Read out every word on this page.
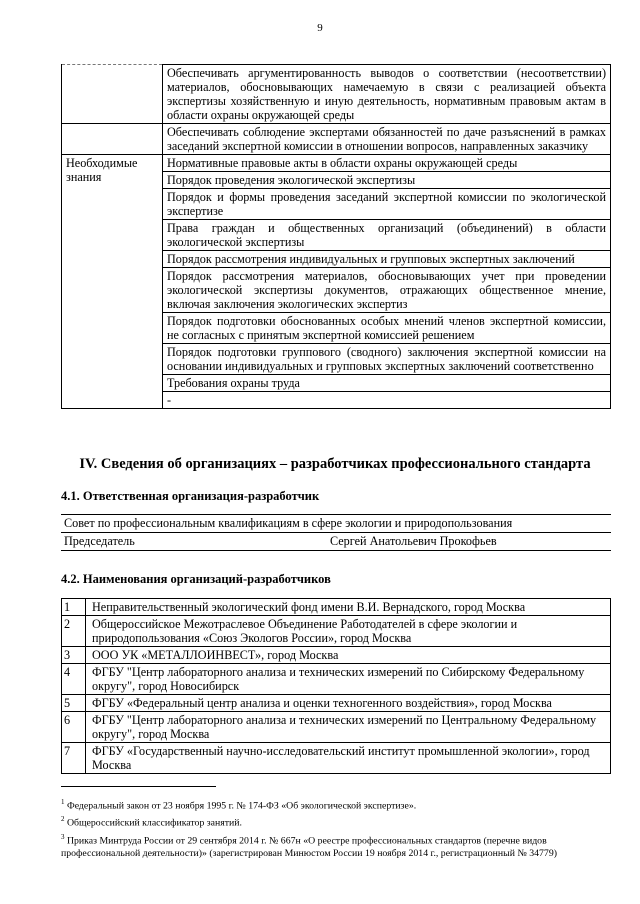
9
	Обеспечивать аргументированность выводов о соответствии (несоответствии) материалов, обосновывающих намечаемую в связи с реализацией объекта экспертизы хозяйственную и иную деятельность, нормативным правовым актам в области охраны окружающей среды
	Обеспечивать соблюдение экспертами обязанностей по даче разъяснений в рамках заседаний экспертной комиссии в отношении вопросов, направленных заказчику
Необходимые знания	Нормативные правовые акты в области охраны окружающей среды
	Порядок проведения экологической экспертизы
	Порядок и формы проведения заседаний экспертной комиссии по экологической экспертизе
	Права граждан и общественных организаций (объединений) в области экологической экспертизы
	Порядок рассмотрения индивидуальных и групповых экспертных заключений
	Порядок рассмотрения материалов, обосновывающих учет при проведении экологической экспертизы документов, отражающих общественное мнение, включая заключения экологических экспертиз
	Порядок подготовки обоснованных особых мнений членов экспертной комиссии, не согласных с принятым экспертной комиссией решением
	Порядок подготовки группового (сводного) заключения экспертной комиссии на основании индивидуальных и групповых экспертных заключений соответственно
	Требования охраны труда
	-
IV. Сведения об организациях – разработчиках профессионального стандарта
4.1. Ответственная организация-разработчик
Совет по профессиональным квалификациям в сфере экологии и природопользования
Председатель	Сергей Анатольевич Прокофьев
4.2. Наименования организаций-разработчиков
1	Неправительственный экологический фонд имени В.И. Вернадского, город Москва
2	Общероссийское Межотраслевое Объединение Работодателей в сфере экологии и природопользования «Союз Экологов России», город Москва
3	ООО УК «МЕТАЛЛОИНВЕСТ», город Москва
4	ФГБУ "Центр лабораторного анализа и технических измерений по Сибирскому Федеральному округу", город Новосибирск
5	ФГБУ «Федеральный центр анализа и оценки техногенного воздействия», город Москва
6	ФГБУ "Центр лабораторного анализа и технических измерений по Центральному Федеральному округу", город Москва
7	ФГБУ «Государственный научно-исследовательский институт промышленной экологии», город Москва

$^1$ Федеральный закон от 23 ноября 1995 г. № 174-ФЗ «Об экологической экспертизе».

$^2$ Общероссийский классификатор занятий.

$^3$ Приказ Минтруда России от 29 сентября 2014 г. № 667н «О реестре профессиональных стандартов (перечне видов профессиональной деятельности)» (зарегистрирован Минюстом России 19 ноября 2014 г., регистрационный № 34779)
